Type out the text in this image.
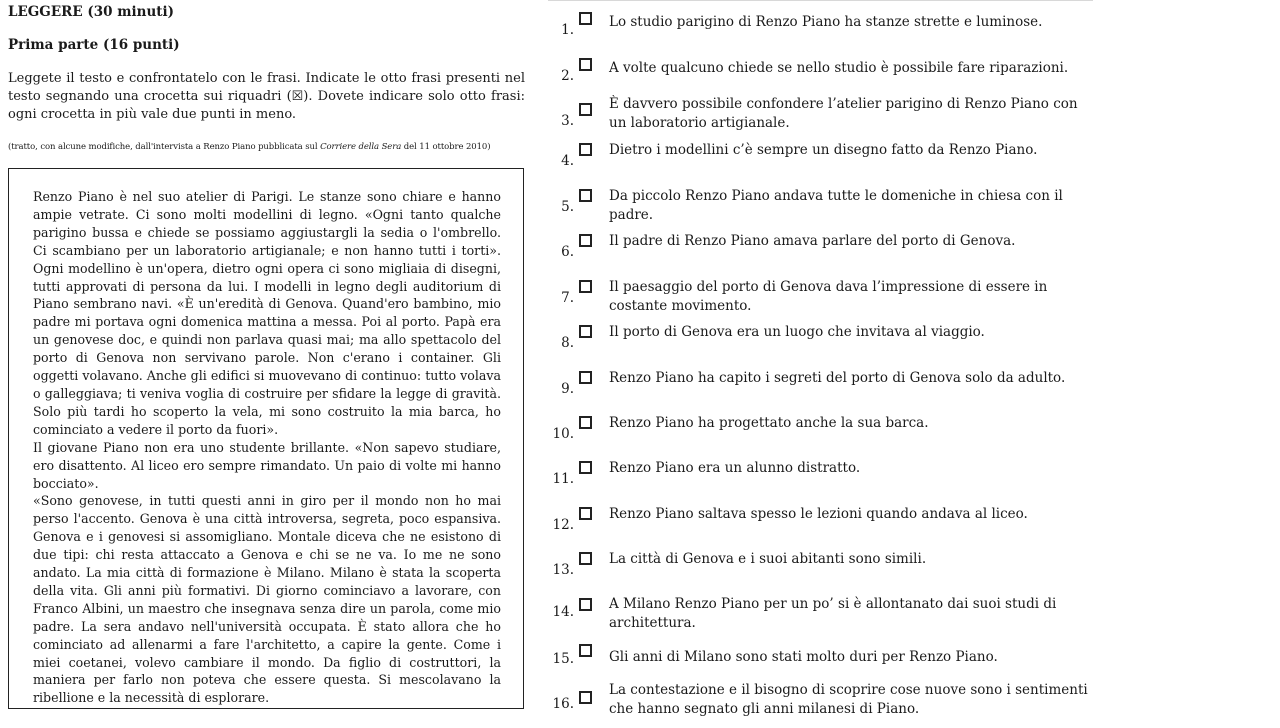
LEGGERE (30 minuti)
Prima parte (16 punti)

Leggete il testo e confrontatelo con le frasi. Indicate le otto frasi presenti nel testo segnando una crocetta sui riquadri (☒). Dovete indicare solo otto frasi: ogni crocetta in più vale due punti in meno.

(tratto, con alcune modifiche, dall'intervista a Renzo Piano pubblicata sul Corriere della Sera del 11 ottobre 2010)

Renzo Piano è nel suo atelier di Parigi. Le stanze sono chiare e hanno ampie vetrate. Ci sono molti modellini di legno. «Ogni tanto qualche parigino bussa e chiede se possiamo aggiustargli la sedia o l'ombrello. Ci scambiano per un laboratorio artigianale; e non hanno tutti i torti». Ogni modellino è un'opera, dietro ogni opera ci sono migliaia di disegni, tutti approvati di persona da lui. I modelli in legno degli auditorium di Piano sembrano navi. «È un'eredità di Genova. Quand'ero bambino, mio padre mi portava ogni domenica mattina a messa. Poi al porto. Papà era un genovese doc, e quindi non parlava quasi mai; ma allo spettacolo del porto di Genova non servivano parole. Non c'erano i container. Gli oggetti volavano. Anche gli edifici si muovevano di continuo: tutto volava o galleggiava; ti veniva voglia di costruire per sfidare la legge di gravità. Solo più tardi ho scoperto la vela, mi sono costruito la mia barca, ho cominciato a vedere il porto da fuori».

Il giovane Piano non era uno studente brillante. «Non sapevo studiare, ero disattento. Al liceo ero sempre rimandato. Un paio di volte mi hanno bocciato».

«Sono genovese, in tutti questi anni in giro per il mondo non ho mai perso l'accento. Genova è una città introversa, segreta, poco espansiva. Genova e i genovesi si assomigliano. Montale diceva che ne esistono di due tipi: chi resta attaccato a Genova e chi se ne va. Io me ne sono andato. La mia città di formazione è Milano. Milano è stata la scoperta della vita. Gli anni più formativi. Di giorno cominciavo a lavorare, con Franco Albini, un maestro che insegnava senza dire un parola, come mio padre. La sera andavo nell'università occupata. È stato allora che ho cominciato ad allenarmi a fare l'architetto, a capire la gente. Come i miei coetanei, volevo cambiare il mondo. Da figlio di costruttori, la maniera per farlo non poteva che essere questa. Si mescolavano la ribellione e la necessità di esplorare.

1.	Lo studio parigino di Renzo Piano ha stanze strette e luminose.
2.	A volte qualcuno chiede se nello studio è possibile fare riparazioni.
3.
È davvero possibile confondere l’atelier parigino di Renzo Piano con un laboratorio artigianale.
4.
Dietro i modellini c’è sempre un disegno fatto da Renzo Piano.
5.
Da piccolo Renzo Piano andava tutte le domeniche in chiesa con il padre.
6.
Il padre di Renzo Piano amava parlare del porto di Genova.
7.
Il paesaggio del porto di Genova dava l’impressione di essere in costante movimento.
8.
Il porto di Genova era un luogo che invitava al viaggio.
9.
Renzo Piano ha capito i segreti del porto di Genova solo da adulto.
10.
Renzo Piano ha progettato anche la sua barca.
11.
Renzo Piano era un alunno distratto.
12.
Renzo Piano saltava spesso le lezioni quando andava al liceo.
13.
La città di Genova e i suoi abitanti sono simili.
14.	A Milano Renzo Piano per un po’ si è allontanato dai suoi studi di architettura.
15.	Gli anni di Milano sono stati molto duri per Renzo Piano.
16.
La contestazione e il bisogno di scoprire cose nuove sono i sentimenti che hanno segnato gli anni milanesi di Piano.
